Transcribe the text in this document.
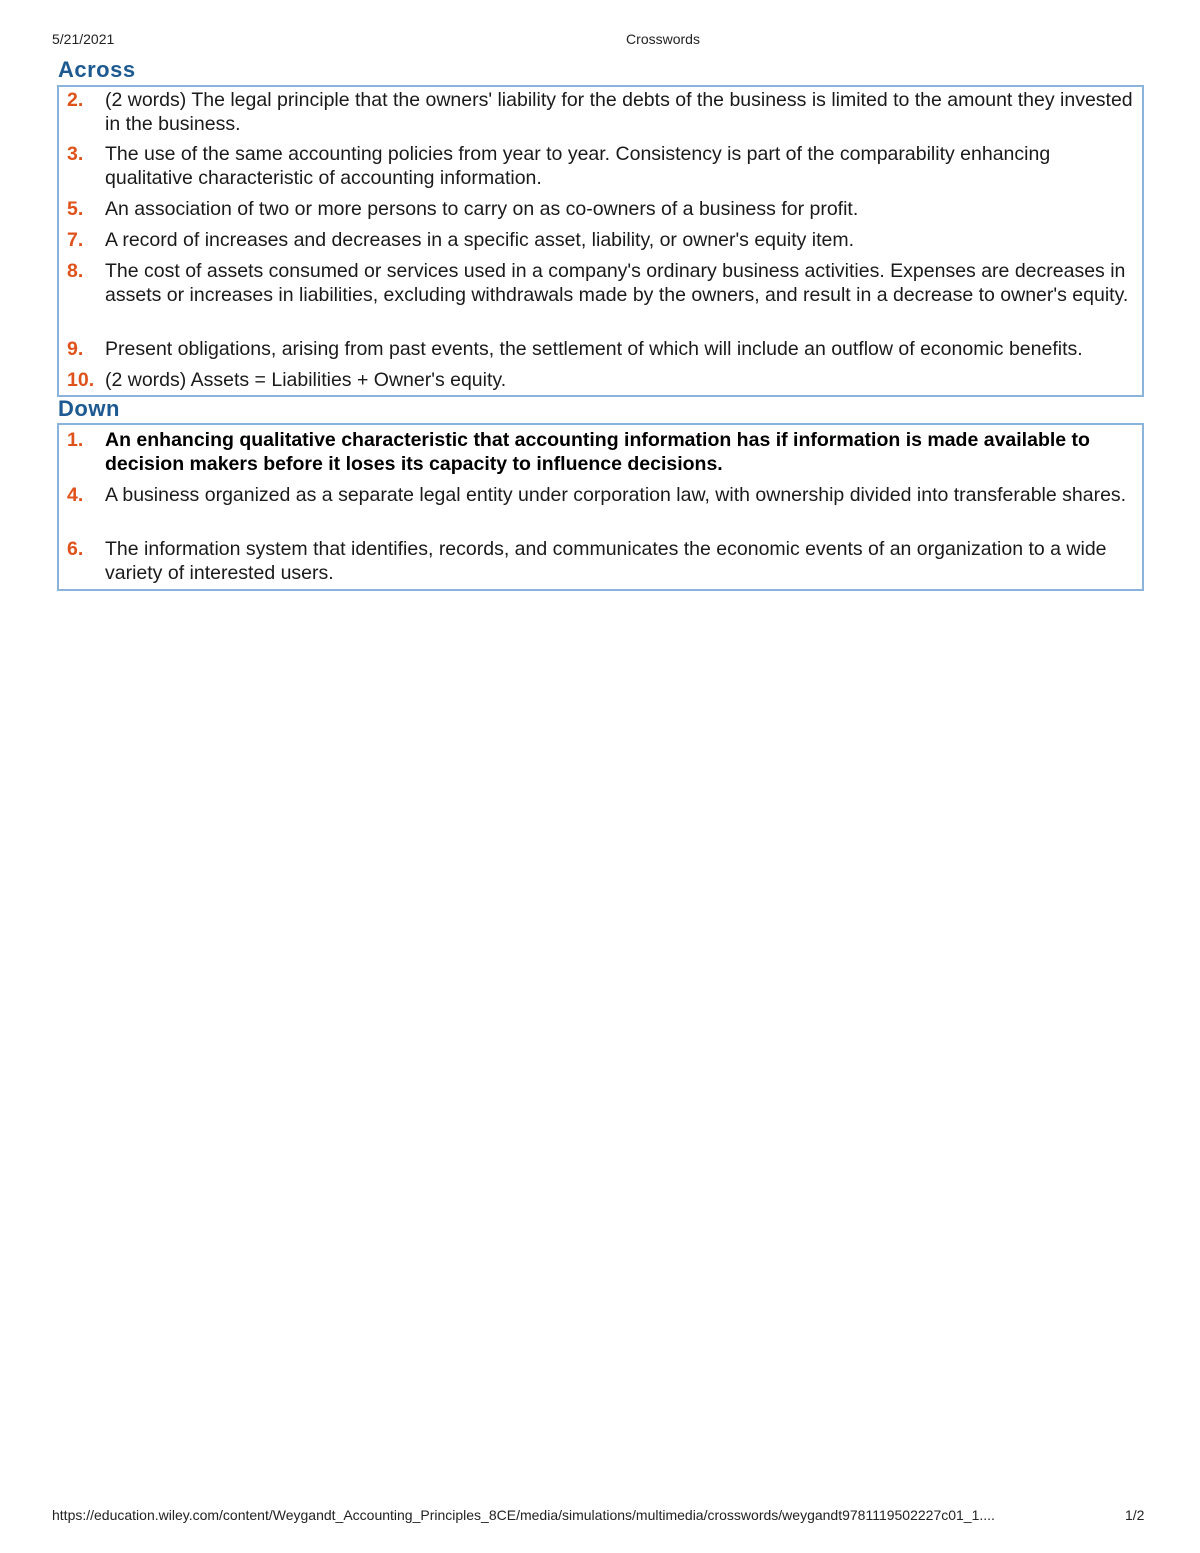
5/21/2021	Crosswords
Across
2.	(2 words) The legal principle that the owners' liability for the debts of the business is limited to the amount they invested in the business.
3.	The use of the same accounting policies from year to year. Consistency is part of the comparability enhancing qualitative characteristic of accounting information.
5.	An association of two or more persons to carry on as co-owners of a business for profit.
7.	A record of increases and decreases in a specific asset, liability, or owner's equity item.
8.	The cost of assets consumed or services used in a company's ordinary business activities. Expenses are decreases in assets or increases in liabilities, excluding withdrawals made by the owners, and result in a decrease to owner's equity.
9.	Present obligations, arising from past events, the settlement of which will include an outflow of economic benefits.
10. (2 words) Assets = Liabilities + Owner's equity.
Down
1.	An enhancing qualitative characteristic that accounting information has if information is made available to decision makers before it loses its capacity to influence decisions.
4.	A business organized as a separate legal entity under corporation law, with ownership divided into transferable shares.
6.	The information system that identifies, records, and communicates the economic events of an organization to a wide variety of interested users.
https://education.wiley.com/content/Weygandt_Accounting_Principles_8CE/media/simulations/multimedia/crosswords/weygandt9781119502227c01_1....	1/2
